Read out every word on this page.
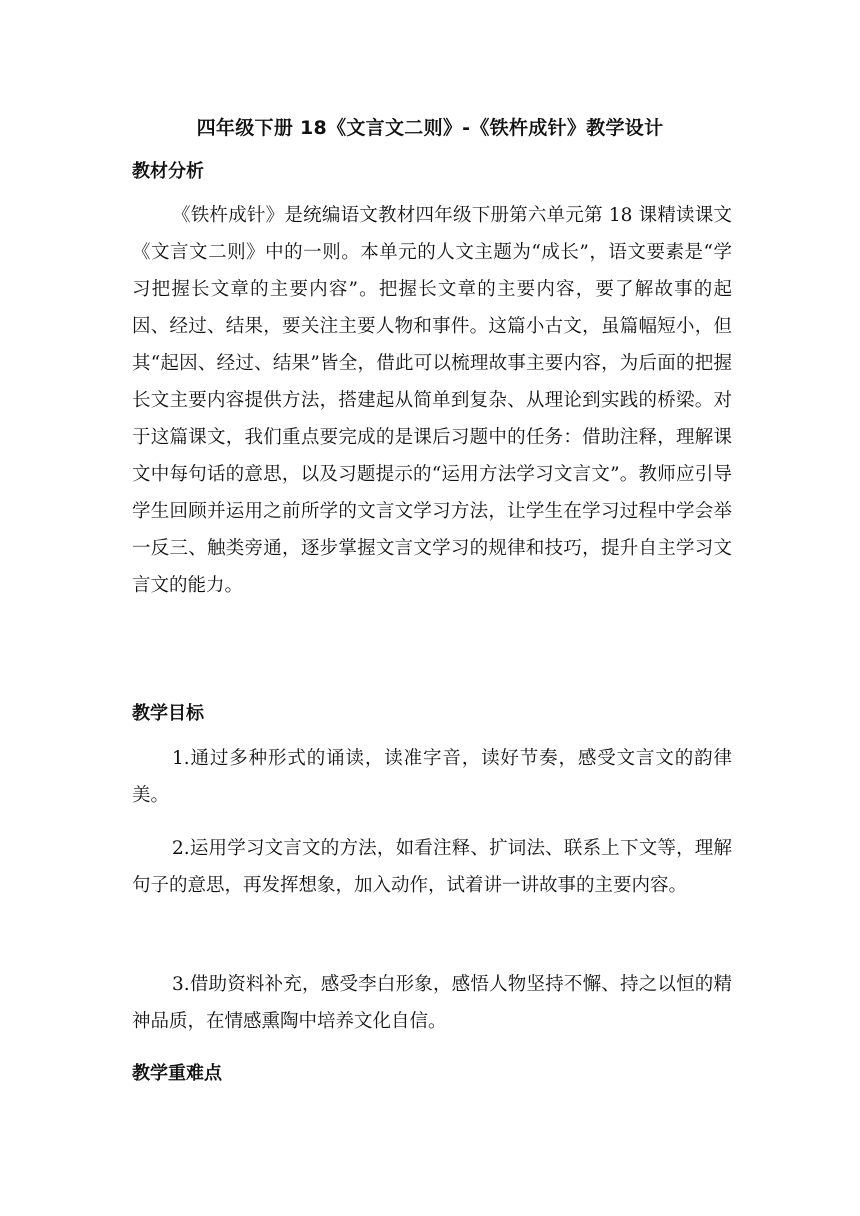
四年级下册 18《文言文二则》-《铁杵成针》教学设计
教材分析

《铁杵成针》是统编语文教材四年级下册第六单元第 18 课精读课文《文言文二则》中的一则。本单元的人文主题为“成长”，语文要素是“学习把握长文章的主要内容”。把握长文章的主要内容，要了解故事的起因、经过、结果，要关注主要人物和事件。这篇小古文，虽篇幅短小，但其“起因、经过、结果”皆全，借此可以梳理故事主要内容，为后面的把握长文主要内容提供方法，搭建起从简单到复杂、从理论到实践的桥梁。对于这篇课文，我们重点要完成的是课后习题中的任务：借助注释，理解课文中每句话的意思，以及习题提示的“运用方法学习文言文”。教师应引导学生回顾并运用之前所学的文言文学习方法，让学生在学习过程中学会举一反三、触类旁通，逐步掌握文言文学习的规律和技巧，提升自主学习文言文的能力。

教学目标

1.通过多种形式的诵读，读准字音，读好节奏，感受文言文的韵律美。

2.运用学习文言文的方法，如看注释、扩词法、联系上下文等，理解句子的意思，再发挥想象，加入动作，试着讲一讲故事的主要内容。

3.借助资料补充，感受李白形象，感悟人物坚持不懈、持之以恒的精神品质，在情感熏陶中培养文化自信。

教学重难点
